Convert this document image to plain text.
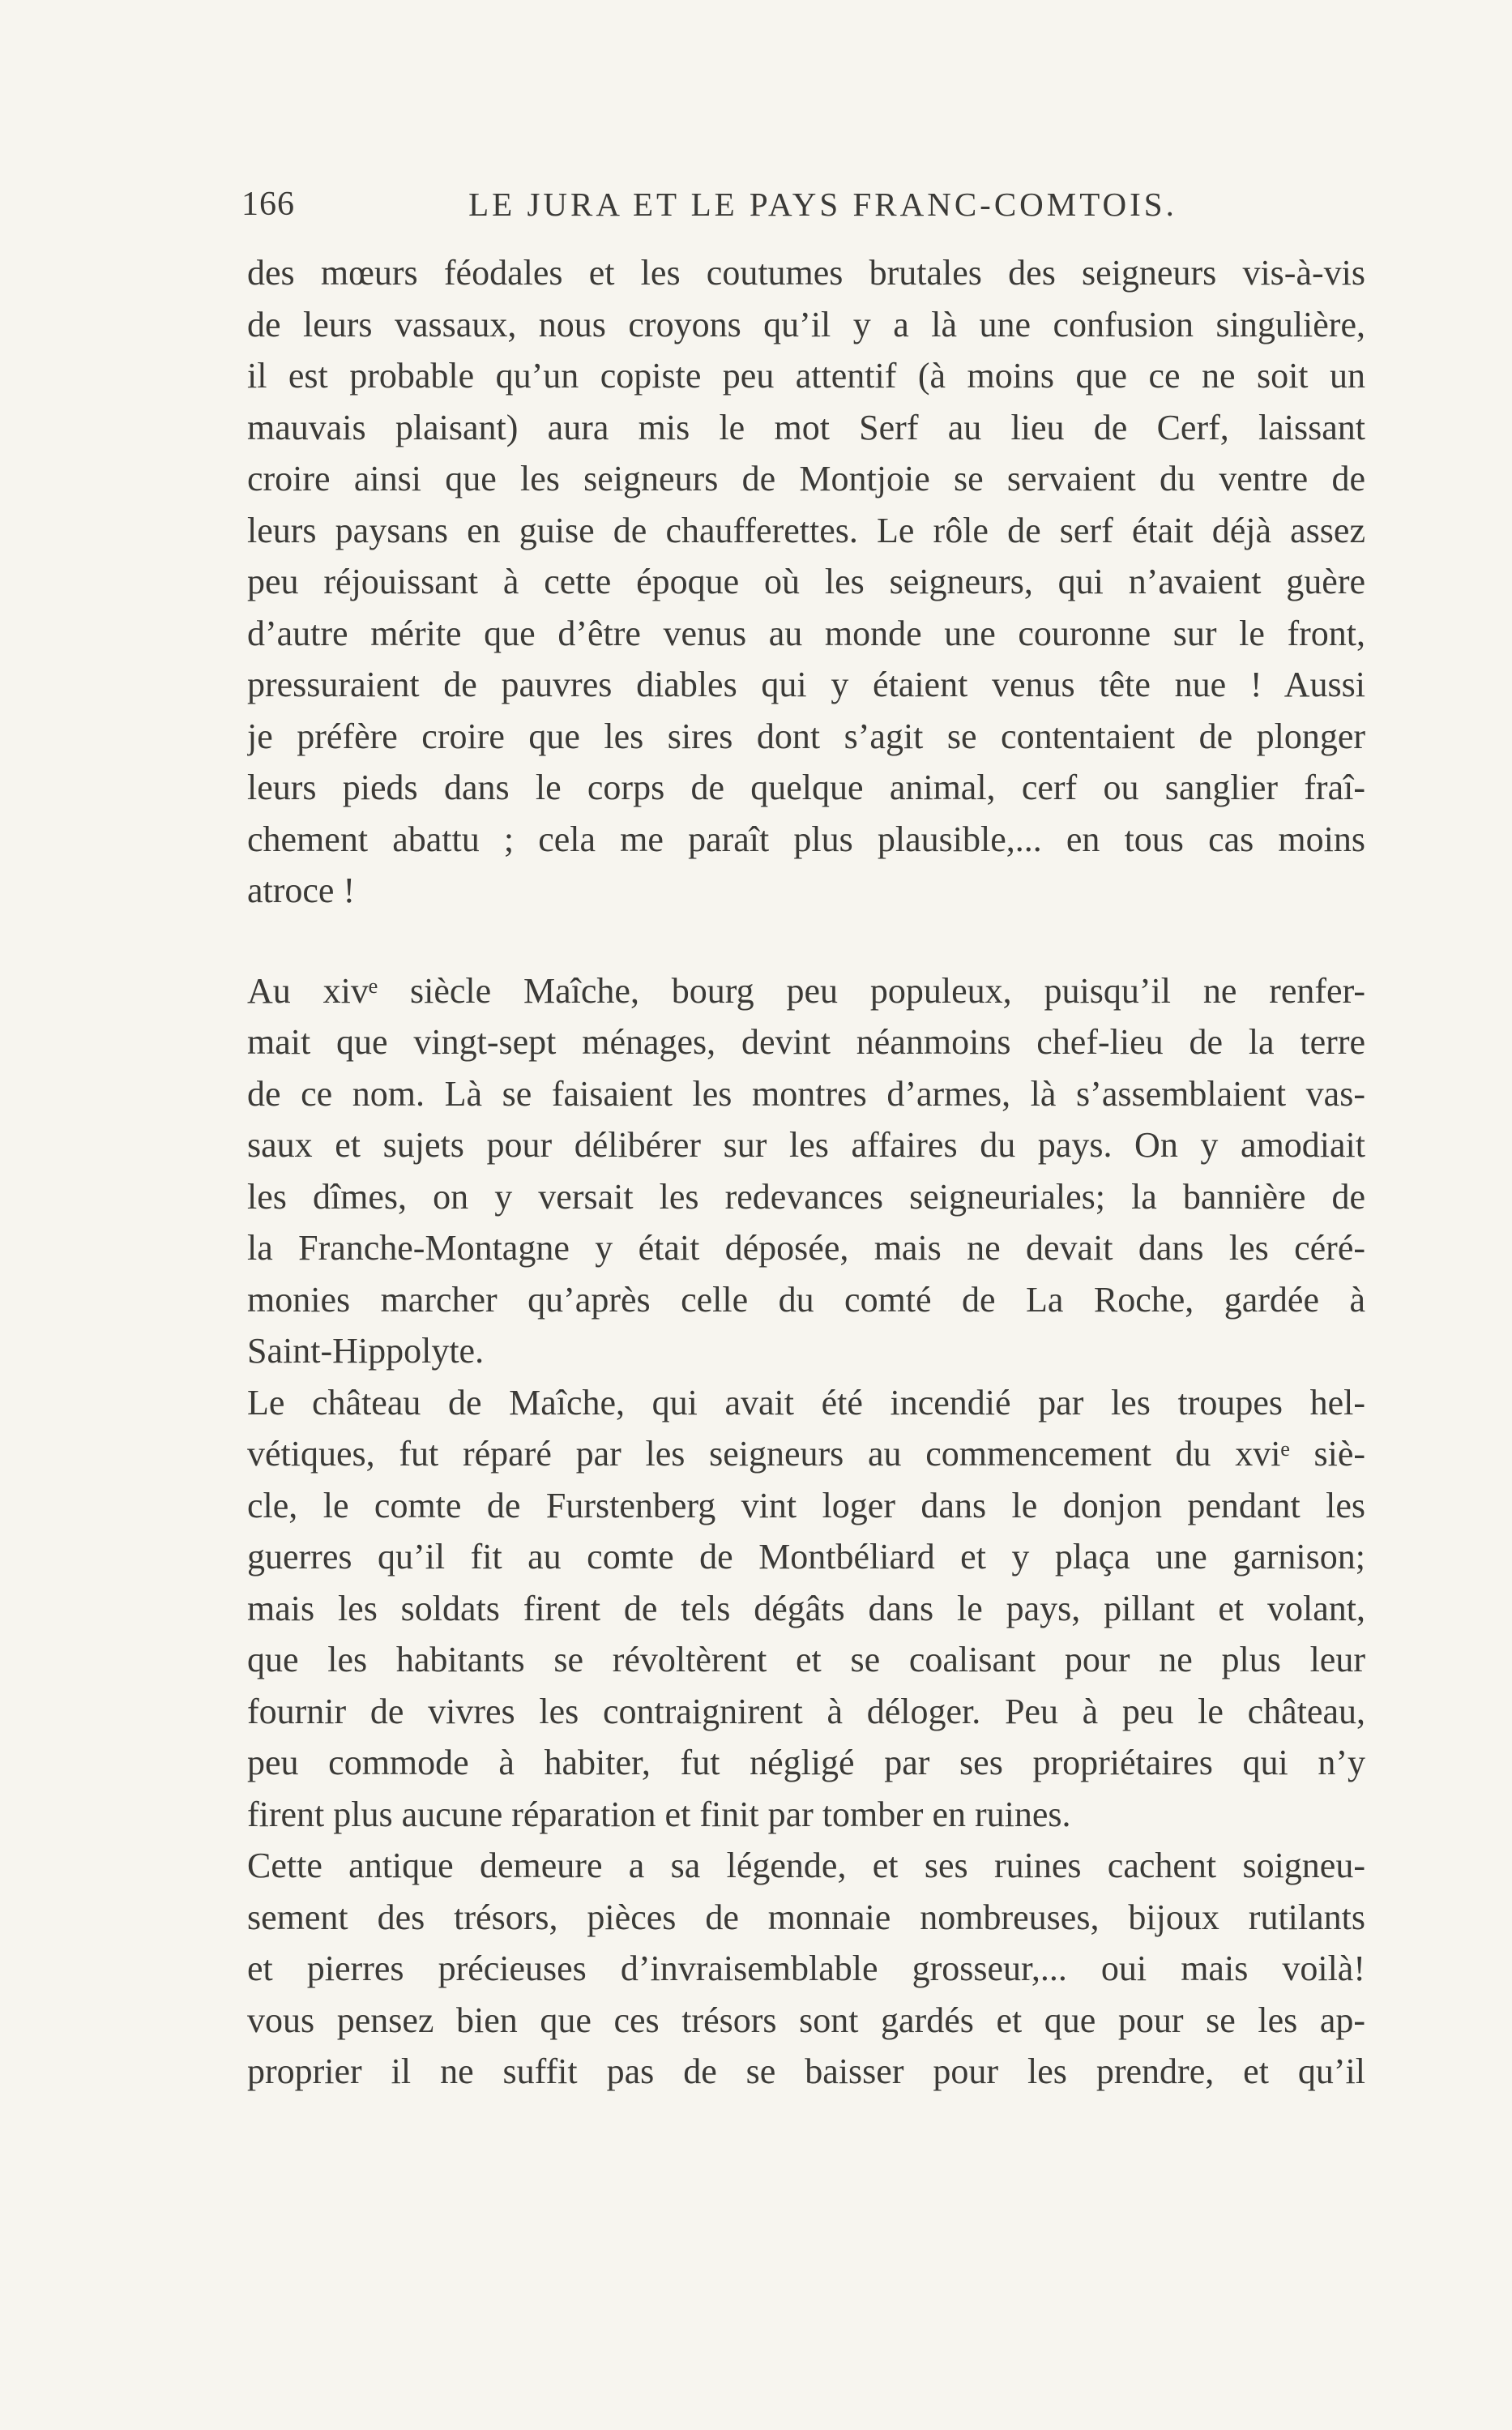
166	LE JURA ET LE PAYS FRANC-COMTOIS.
des mœurs féodales et les coutumes brutales des seigneurs vis-à-vis
de leurs vassaux, nous croyons qu’il y a là une confusion singulière,
il est probable qu’un copiste peu attentif (à moins que ce ne soit un
mauvais plaisant) aura mis le mot Serf au lieu de Cerf, laissant
croire ainsi que les seigneurs de Montjoie se servaient du ventre de
leurs paysans en guise de chaufferettes. Le rôle de serf était déjà assez
peu réjouissant à cette époque où les seigneurs, qui n’avaient guère
d’autre mérite que d’être venus au monde une couronne sur le front,
pressuraient de pauvres diables qui y étaient venus tête nue ! Aussi
je préfère croire que les sires dont s’agit se contentaient de plonger
leurs pieds dans le corps de quelque animal, cerf ou sanglier fraî-
chement abattu ; cela me paraît plus plausible,... en tous cas moins
atroce !
Au xivᵉ siècle Maîche, bourg peu populeux, puisqu’il ne renfer-
mait que vingt-sept ménages, devint néanmoins chef-lieu de la terre
de ce nom. Là se faisaient les montres d’armes, là s’assemblaient vas-
saux et sujets pour délibérer sur les affaires du pays. On y amodiait
les dîmes, on y versait les redevances seigneuriales; la bannière de
la Franche-Montagne y était déposée, mais ne devait dans les céré-
monies marcher qu’après celle du comté de La Roche, gardée à
Saint-Hippolyte.
Le château de Maîche, qui avait été incendié par les troupes hel-
vétiques, fut réparé par les seigneurs au commencement du xviᵉ siè-
cle, le comte de Furstenberg vint loger dans le donjon pendant les
guerres qu’il fit au comte de Montbéliard et y plaça une garnison;
mais les soldats firent de tels dégâts dans le pays, pillant et volant,
que les habitants se révoltèrent et se coalisant pour ne plus leur
fournir de vivres les contraignirent à déloger. Peu à peu le château,
peu commode à habiter, fut négligé par ses propriétaires qui n’y
firent plus aucune réparation et finit par tomber en ruines.
Cette antique demeure a sa légende, et ses ruines cachent soigneu-
sement des trésors, pièces de monnaie nombreuses, bijoux rutilants
et pierres précieuses d’invraisemblable grosseur,... oui mais voilà!
vous pensez bien que ces trésors sont gardés et que pour se les ap-
proprier il ne suffit pas de se baisser pour les prendre, et qu’il
